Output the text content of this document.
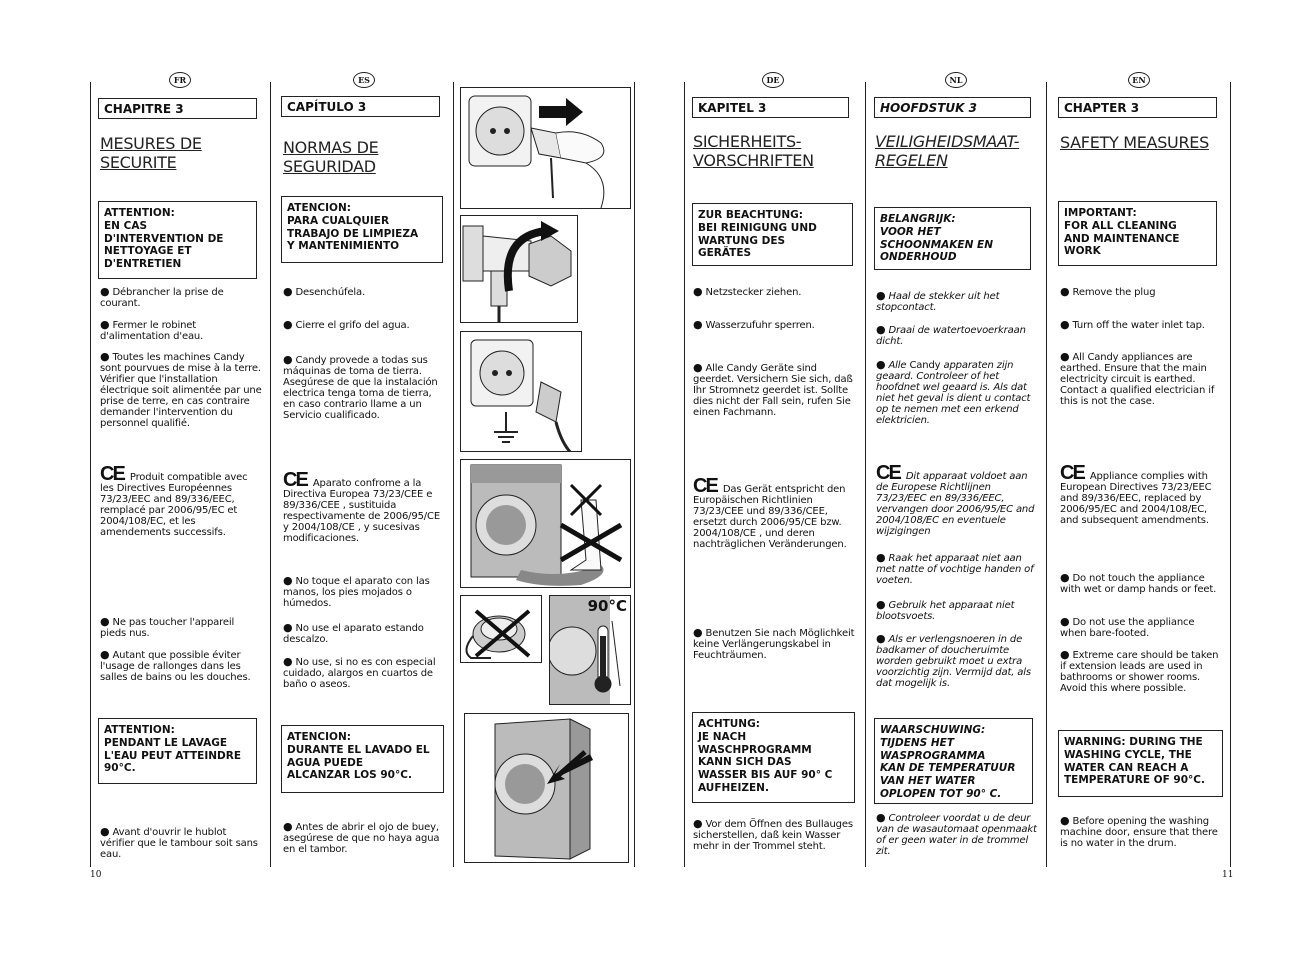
FR
CHAPITRE 3
MESURES DE
SECURITE
ATTENTION:
EN CAS
D'INTERVENTION DE
NETTOYAGE ET
D'ENTRETIEN
● Débrancher la prise de courant.
● Fermer le robinet d'alimentation d'eau.
● Toutes les machines Candy sont pourvues de mise à la terre. Vérifier que l'installation électrique soit alimentée par une prise de terre, en cas contraire demander l'intervention du personnel qualifié.
CE Produit compatible avec les Directives Européennes 73/23/EEC and 89/336/EEC, remplacé par 2006/95/EC et 2004/108/EC, et les amendements successifs.
● Ne pas toucher l'appareil pieds nus.
● Autant que possible éviter l'usage de rallonges dans les salles de bains ou les douches.
ATTENTION:
PENDANT LE LAVAGE
L'EAU PEUT ATTEINDRE
90°C.
● Avant d'ouvrir le hublot vérifier que le tambour soit sans eau.
ES
CAPÍTULO 3
NORMAS DE
SEGURIDAD
ATENCION:
PARA CUALQUIER
TRABAJO DE LIMPIEZA
Y MANTENIMIENTO
● Desenchúfela.
● Cierre el grifo del agua.
● Candy provede a todas sus máquinas de toma de tierra. Asegúrese de que la instalación electrica tenga toma de tierra, en caso contrario llame a un Servicio cualificado.
CE Aparato confrome a la Directiva Europea 73/23/CEE e 89/336/CEE , sustituida respectivamente de 2006/95/CE y 2004/108/CE , y sucesivas modificaciones.
● No toque el aparato con las manos, los pies mojados o húmedos.
● No use el aparato estando descalzo.
● No use, si no es con especial cuidado, alargos en cuartos de baño o aseos.
ATENCION:
DURANTE EL LAVADO EL
AGUA PUEDE
ALCANZAR LOS 90°C.
● Antes de abrir el ojo de buey, asegúrese de que no haya agua en el tambor.
90°C
DE
KAPITEL 3
SICHERHEITS-
VORSCHRIFTEN
ZUR BEACHTUNG:
BEI REINIGUNG UND
WARTUNG DES
GERÄTES
● Netzstecker ziehen.
● Wasserzufuhr sperren.
● Alle Candy Geräte sind geerdet. Versichern Sie sich, daß Ihr Stromnetz geerdet ist. Sollte dies nicht der Fall sein, rufen Sie einen Fachmann.
CE Das Gerät entspricht den Europäischen Richtlinien 73/23/CEE und 89/336/CEE, ersetzt durch 2006/95/CE bzw. 2004/108/CE , und deren nachträglichen Veränderungen.
● Benutzen Sie nach Möglichkeit keine Verlängerungskabel in Feuchträumen.
ACHTUNG:
JE NACH
WASCHPROGRAMM
KANN SICH DAS
WASSER BIS AUF 90° C
AUFHEIZEN.
● Vor dem Öffnen des Bullauges sicherstellen, daß kein Wasser mehr in der Trommel steht.
NL
HOOFDSTUK 3
VEILIGHEIDSMAAT-
REGELEN
BELANGRIJK:
VOOR HET
SCHOONMAKEN EN
ONDERHOUD
● Haal de stekker uit het stopcontact.
● Draai de watertoevoerkraan dicht.
● Alle Candy apparaten zijn geaard. Controleer of het hoofdnet wel geaard is. Als dat niet het geval is dient u contact op te nemen met een erkend elektricien.
CE Dit apparaat voldoet aan de Europese Richtlijnen 73/23/EEC en 89/336/EEC, vervangen door 2006/95/EC and 2004/108/EC en eventuele wijzigingen
● Raak het apparaat niet aan met natte of vochtige handen of voeten.
● Gebruik het apparaat niet blootsvoets.
● Als er verlengsnoeren in de badkamer of doucheruimte worden gebruikt moet u extra voorzichtig zijn. Vermijd dat, als dat mogelijk is.
WAARSCHUWING:
TIJDENS HET
WASPROGRAMMA
KAN DE TEMPERATUUR
VAN HET WATER
OPLOPEN TOT 90° C.
● Controleer voordat u de deur van de wasautomaat openmaakt of er geen water in de trommel zit.
EN
CHAPTER 3
SAFETY MEASURES
IMPORTANT:
FOR ALL CLEANING
AND MAINTENANCE
WORK
● Remove the plug
● Turn off the water inlet tap.
● All Candy appliances are earthed. Ensure that the main electricity circuit is earthed. Contact a qualified electrician if this is not the case.
CE Appliance complies with European Directives 73/23/EEC and 89/336/EEC, replaced by 2006/95/EC and 2004/108/EC, and subsequent amendments.
● Do not touch the appliance with wet or damp hands or feet.
● Do not use the appliance when bare-footed.
● Extreme care should be taken if extension leads are used in bathrooms or shower rooms. Avoid this where possible.
WARNING: DURING THE
WASHING CYCLE, THE
WATER CAN REACH A
TEMPERATURE OF 90°C.
● Before opening the washing machine door, ensure that there is no water in the drum.
10	11
